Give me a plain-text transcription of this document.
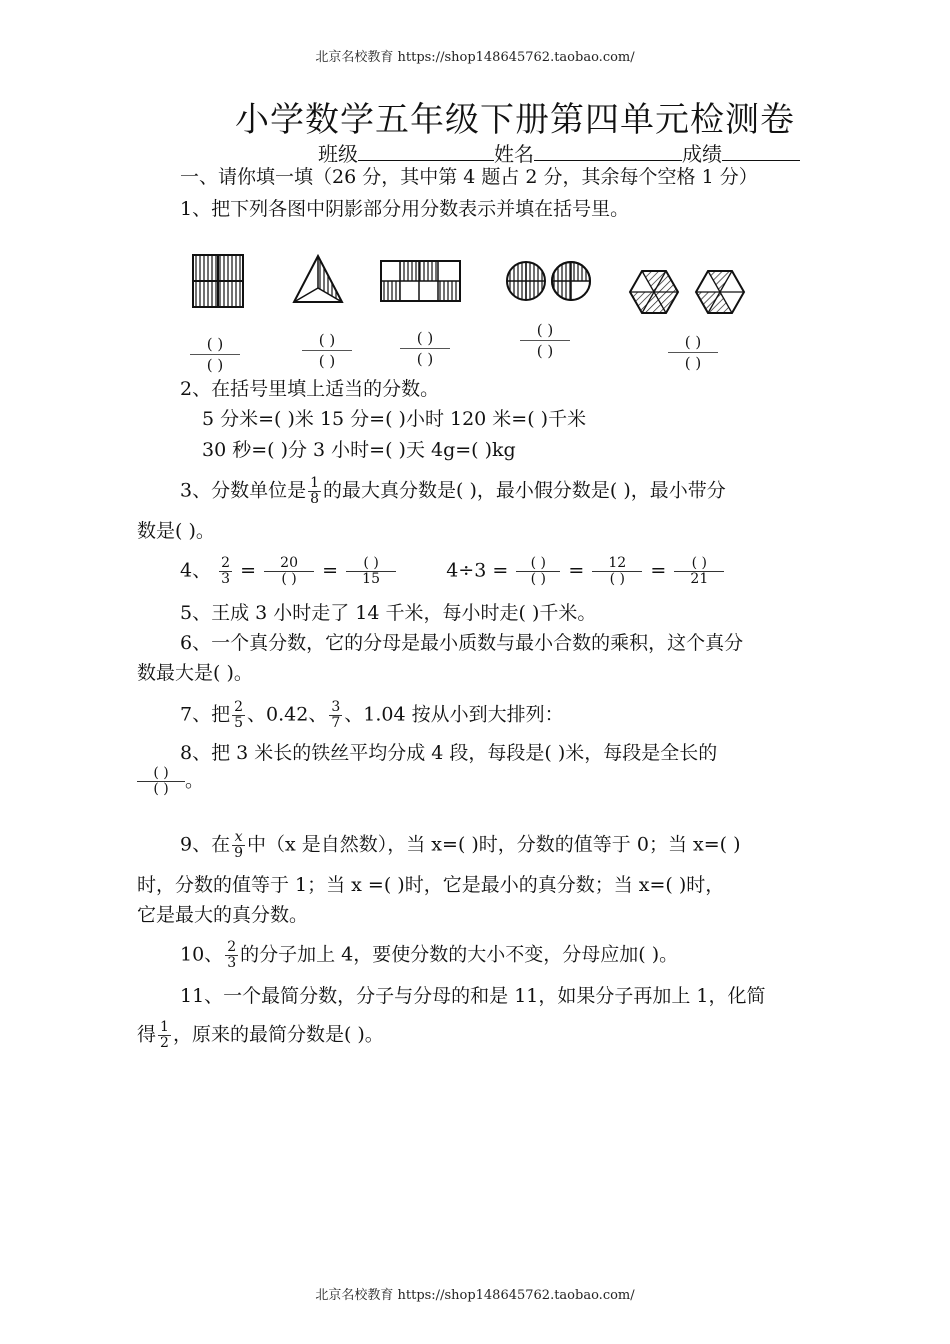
北京名校教育 https://shop148645762.taobao.com/
小学数学五年级下册第四单元检测卷
班级	姓名	成绩
一、请你填一填（26 分，其中第 4 题占 2 分，其余每个空格 1 分）
1、把下列各图中阴影部分用分数表示并填在括号里。
( )
( )
( )
( )
( )
( )
( )
( )	( )
( )
2、在括号里填上适当的分数。
5 分米=( )米 15 分=( )小时 120 米=( )千米
30 秒=( )分 3 小时=( )天 4g=( )kg
3、分数单位是 $\frac{1}{8}$ 的最大真分数是( )，最小假分数是( )，最小带分
数是( )。
4、 $\frac{2}{3} = \frac{20}{( )} = \frac{( )}{15}$	$4\div 3 = \frac{( )}{( )} = \frac{12}{( )} = \frac{( )}{21}$
5、王成 3 小时走了 14 千米，每小时走( )千米。
6、一个真分数，它的分母是最小质数与最小合数的乘积，这个真分
数最大是( )。
7、把 $\frac{2}{5}$ 、0.42、 $\frac{3}{7}$ 、1.04 按从小到大排列：
8、把 3 米长的铁丝平均分成 4 段，每段是( )米，每段是全长的
$\frac{( )}{( )}$ 。
9、在 $\frac{x}{9}$ 中（x 是自然数），当 x=( )时，分数的值等于 0；当 x=( )
时，分数的值等于 1；当 x =( )时，它是最小的真分数；当 x=( )时，
它是最大的真分数。
10、 $\frac{2}{3}$ 的分子加上 4，要使分数的大小不变，分母应加( )。
11、一个最简分数，分子与分母的和是 11，如果分子再加上 1，化简
得 $\frac{1}{2}$ ，原来的最简分数是( )。
北京名校教育 https://shop148645762.taobao.com/
